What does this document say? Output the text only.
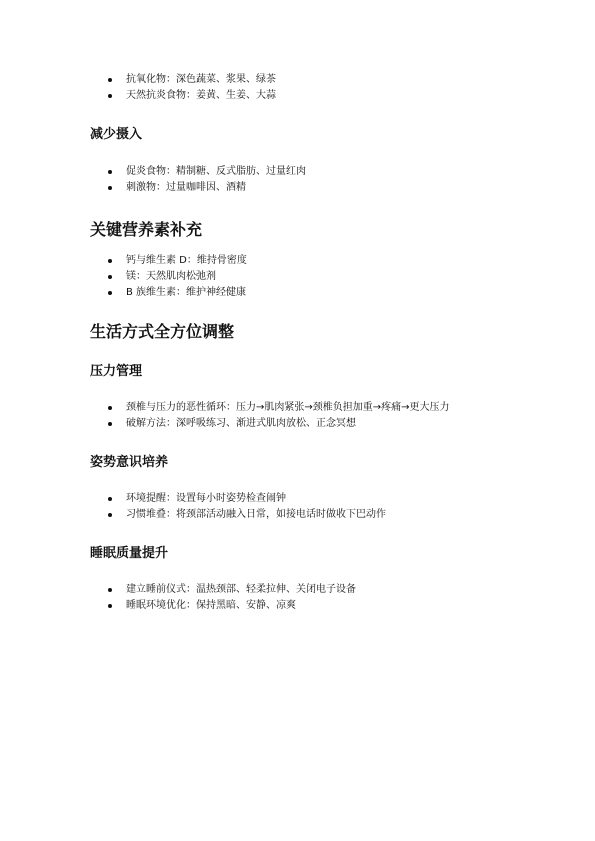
抗氧化物：深色蔬菜、浆果、绿茶
天然抗炎食物：姜黄、生姜、大蒜
减少摄入
促炎食物：精制糖、反式脂肪、过量红肉
刺激物：过量咖啡因、酒精
关键营养素补充
钙与维生素 D：维持骨密度
镁：天然肌肉松弛剂
B 族维生素：维护神经健康
生活方式全方位调整
压力管理
颈椎与压力的恶性循环：压力→肌肉紧张→颈椎负担加重→疼痛→更大压力
破解方法：深呼吸练习、渐进式肌肉放松、正念冥想
姿势意识培养
环境提醒：设置每小时姿势检查闹钟
习惯堆叠：将颈部活动融入日常，如接电话时做收下巴动作
睡眠质量提升
建立睡前仪式：温热颈部、轻柔拉伸、关闭电子设备
睡眠环境优化：保持黑暗、安静、凉爽
